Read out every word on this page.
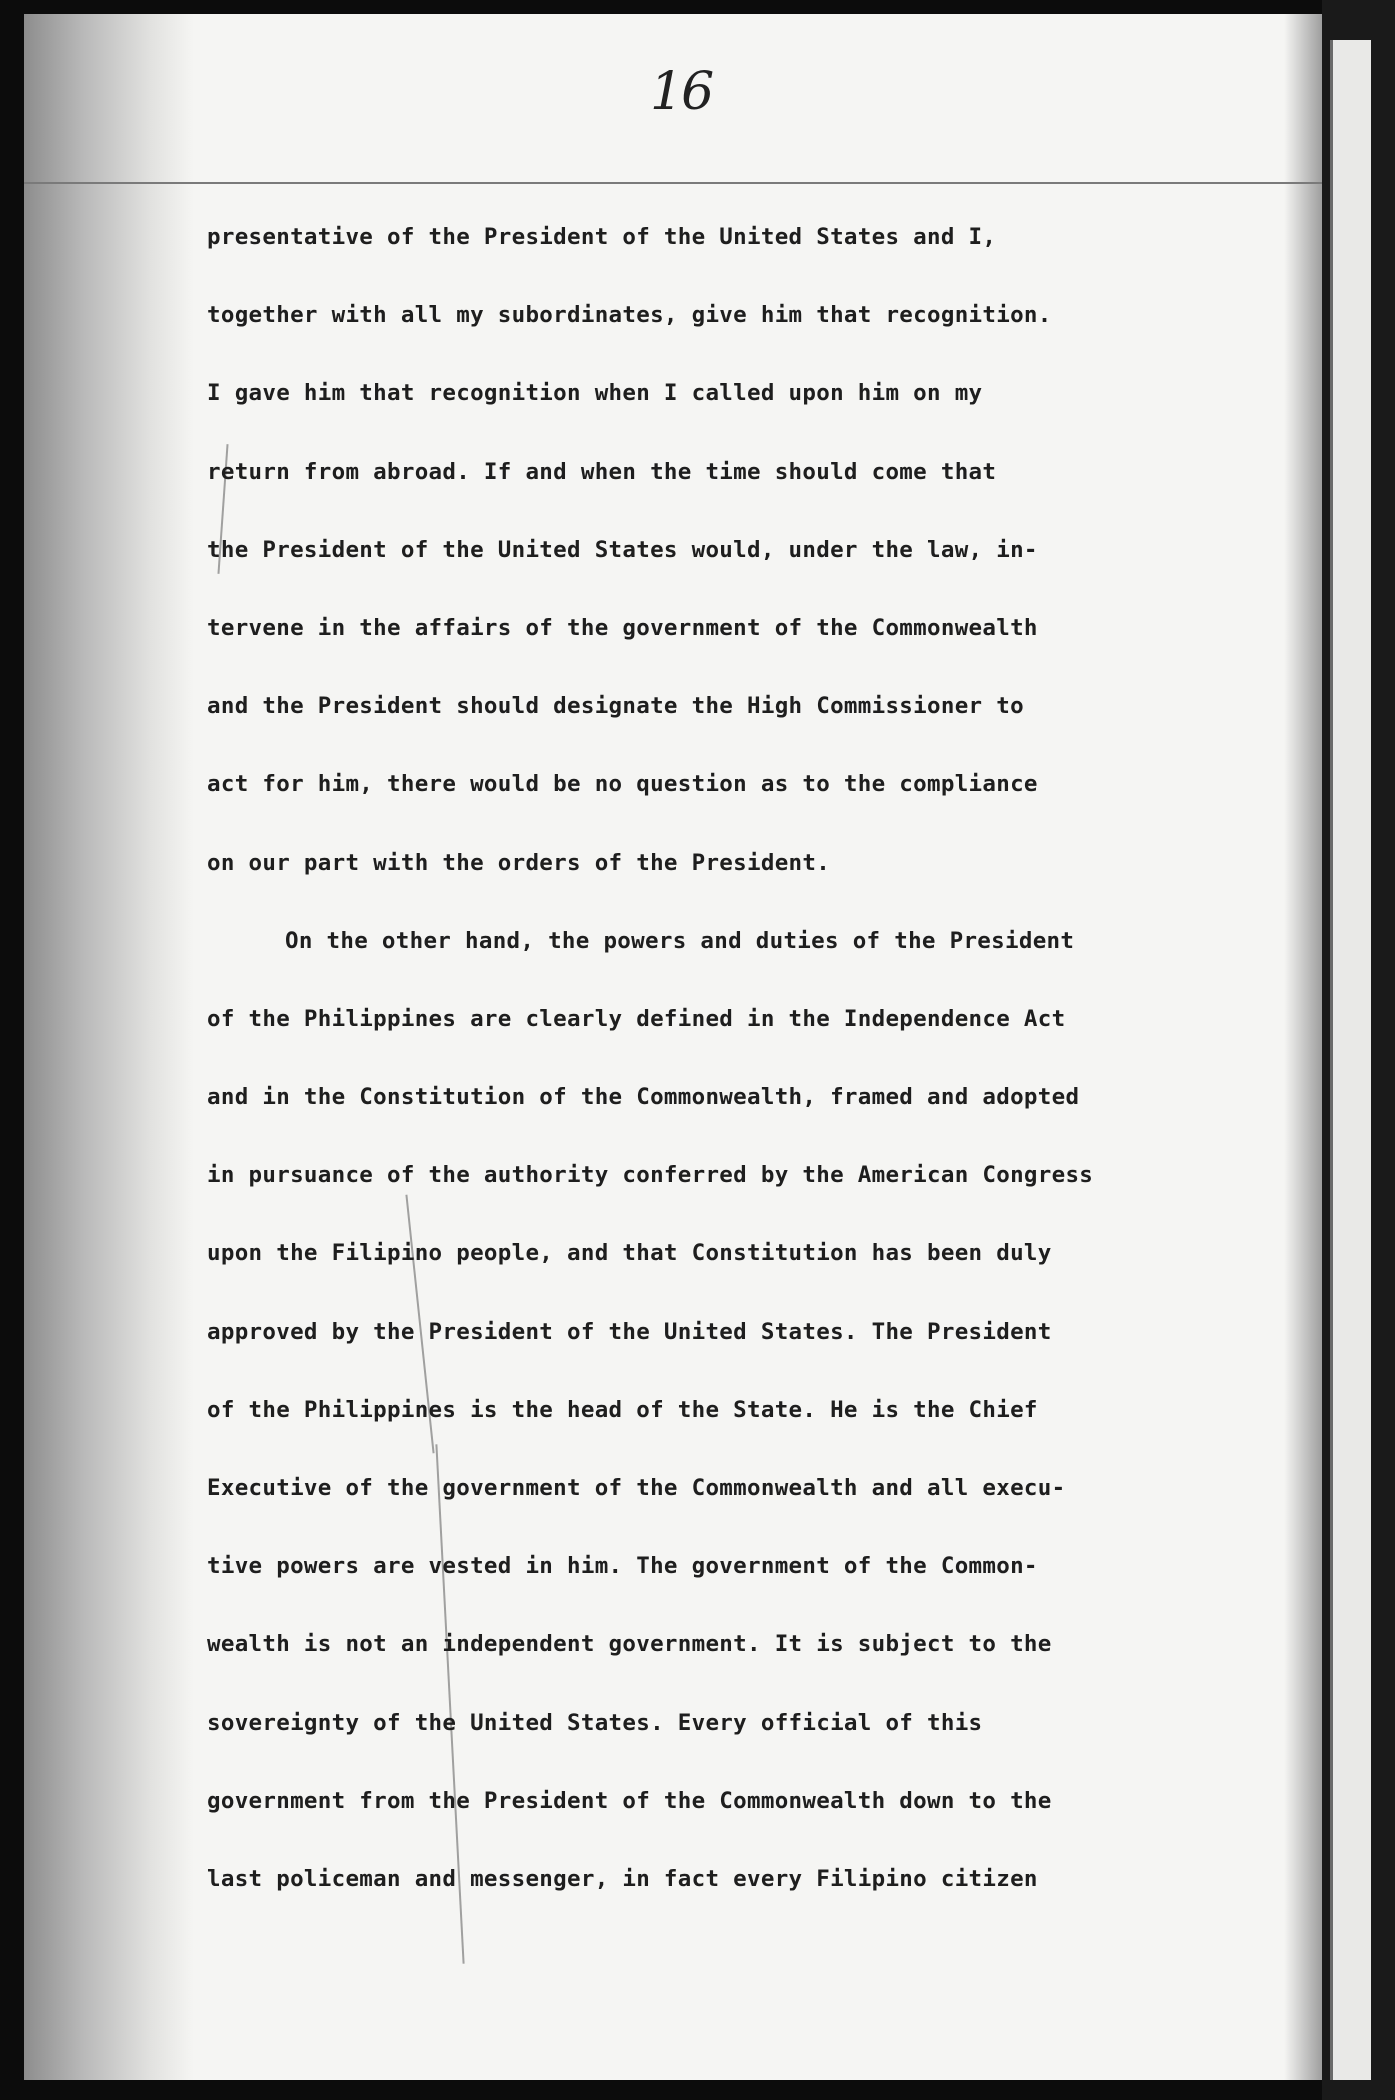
16
presentative of the President of the United States and I,
together with all my subordinates, give him that recognition.
I gave him that recognition when I called upon him on my
return from abroad. If and when the time should come that
the President of the United States would, under the law, in-
tervene in the affairs of the government of the Commonwealth
and the President should designate the High Commissioner to
act for him, there would be no question as to the compliance
on our part with the orders of the President.
On the other hand, the powers and duties of the President
of the Philippines are clearly defined in the Independence Act
and in the Constitution of the Commonwealth, framed and adopted
in pursuance of the authority conferred by the American Congress
upon the Filipino people, and that Constitution has been duly
approved by the President of the United States. The President
of the Philippines is the head of the State. He is the Chief
Executive of the government of the Commonwealth and all execu-
tive powers are vested in him. The government of the Common-
wealth is not an independent government. It is subject to the
sovereignty of the United States. Every official of this
government from the President of the Commonwealth down to the
last policeman and messenger, in fact every Filipino citizen
